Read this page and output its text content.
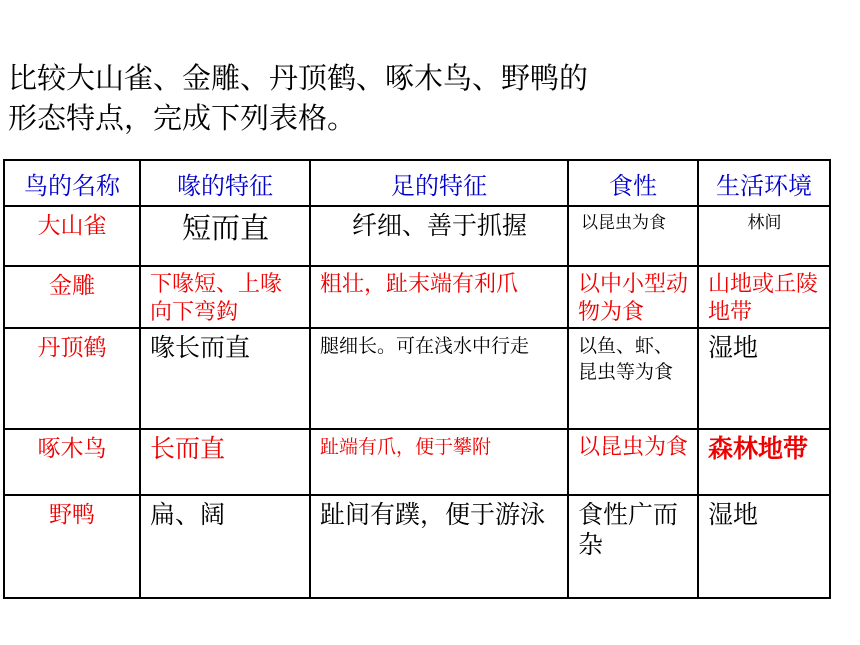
比较大山雀、金雕、丹顶鹤、啄木鸟、野鸭的
形态特点，完成下列表格。

鸟的名称	喙的特征	足的特征	食性	生活环境
大山雀	短而直	纤细、善于抓握	以昆虫为食	林间

金雕	下喙短、上喙向下弯鈎	粗壮，趾末端有利爪	以中小型动物为食	山地或丘陵地带

丹顶鹤	喙长而直	腿细长。可在浅水中行走	以鱼、虾、昆虫等为食	湿地

啄木鸟	长而直	趾端有爪，便于攀附	以昆虫为食	森林地带

野鸭	扁、阔	趾间有蹼，便于游泳	食性广而杂	湿地
